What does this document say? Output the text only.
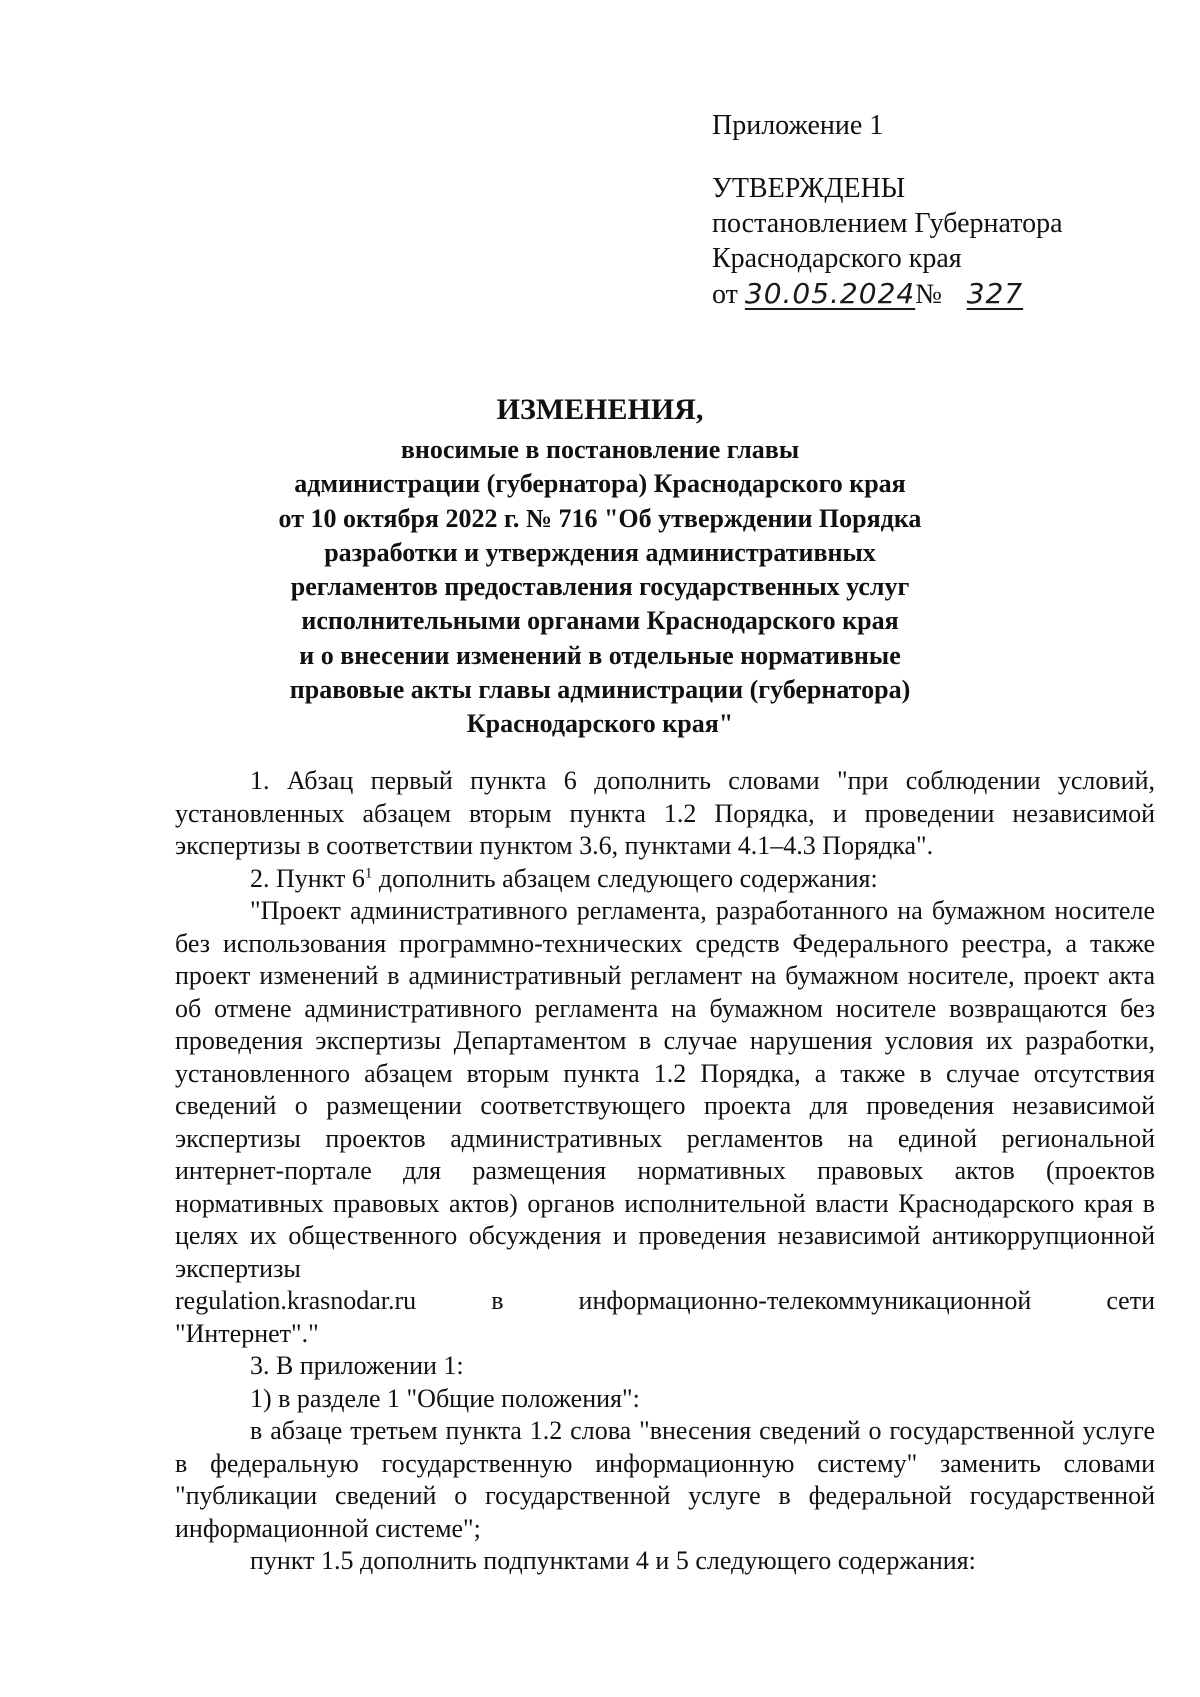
Приложение 1

УТВЕРЖДЕНЫ

постановлением Губернатора

Краснодарского края

от 30.05.2024№ 327

ИЗМЕНЕНИЯ,
вносимые в постановление главы
администрации (губернатора) Краснодарского края
от 10 октября 2022 г. № 716 "Об утверждении Порядка
разработки и утверждения административных
регламентов предоставления государственных услуг
исполнительными органами Краснодарского края
и о внесении изменений в отдельные нормативные
правовые акты главы администрации (губернатора)
Краснодарского края"

1. Абзац первый пункта 6 дополнить словами "при соблюдении условий, установленных абзацем вторым пункта 1.2 Порядка, и проведении независимой экспертизы в соответствии пунктом 3.6, пунктами 4.1–4.3 Порядка".

2. Пункт $6^1$ дополнить абзацем следующего содержания:

"Проект административного регламента, разработанного на бумажном носителе без использования программно-технических средств Федерального реестра, а также проект изменений в административный регламент на бумажном носителе, проект акта об отмене административного регламента на бумажном носителе возвращаются без проведения экспертизы Департаментом в случае нарушения условия их разработки, установленного абзацем вторым пункта 1.2 Порядка, а также в случае отсутствия сведений о размещении соответствующего проекта для проведения независимой экспертизы проектов административных регламентов на единой региональной интернет-портале для размещения нормативных правовых актов (проектов нормативных правовых актов) органов исполнительной власти Краснодарского края в целях их общественного обсуждения и проведения независимой антикоррупционной экспертизы

regulation.krasnodar.ru в информационно-телекоммуникационной сети

"Интернет"."

3. В приложении 1:

1) в разделе 1 "Общие положения":

в абзаце третьем пункта 1.2 слова "внесения сведений о государственной услуге в федеральную государственную информационную систему" заменить словами "публикации сведений о государственной услуге в федеральной государственной информационной системе";

пункт 1.5 дополнить подпунктами 4 и 5 следующего содержания:
